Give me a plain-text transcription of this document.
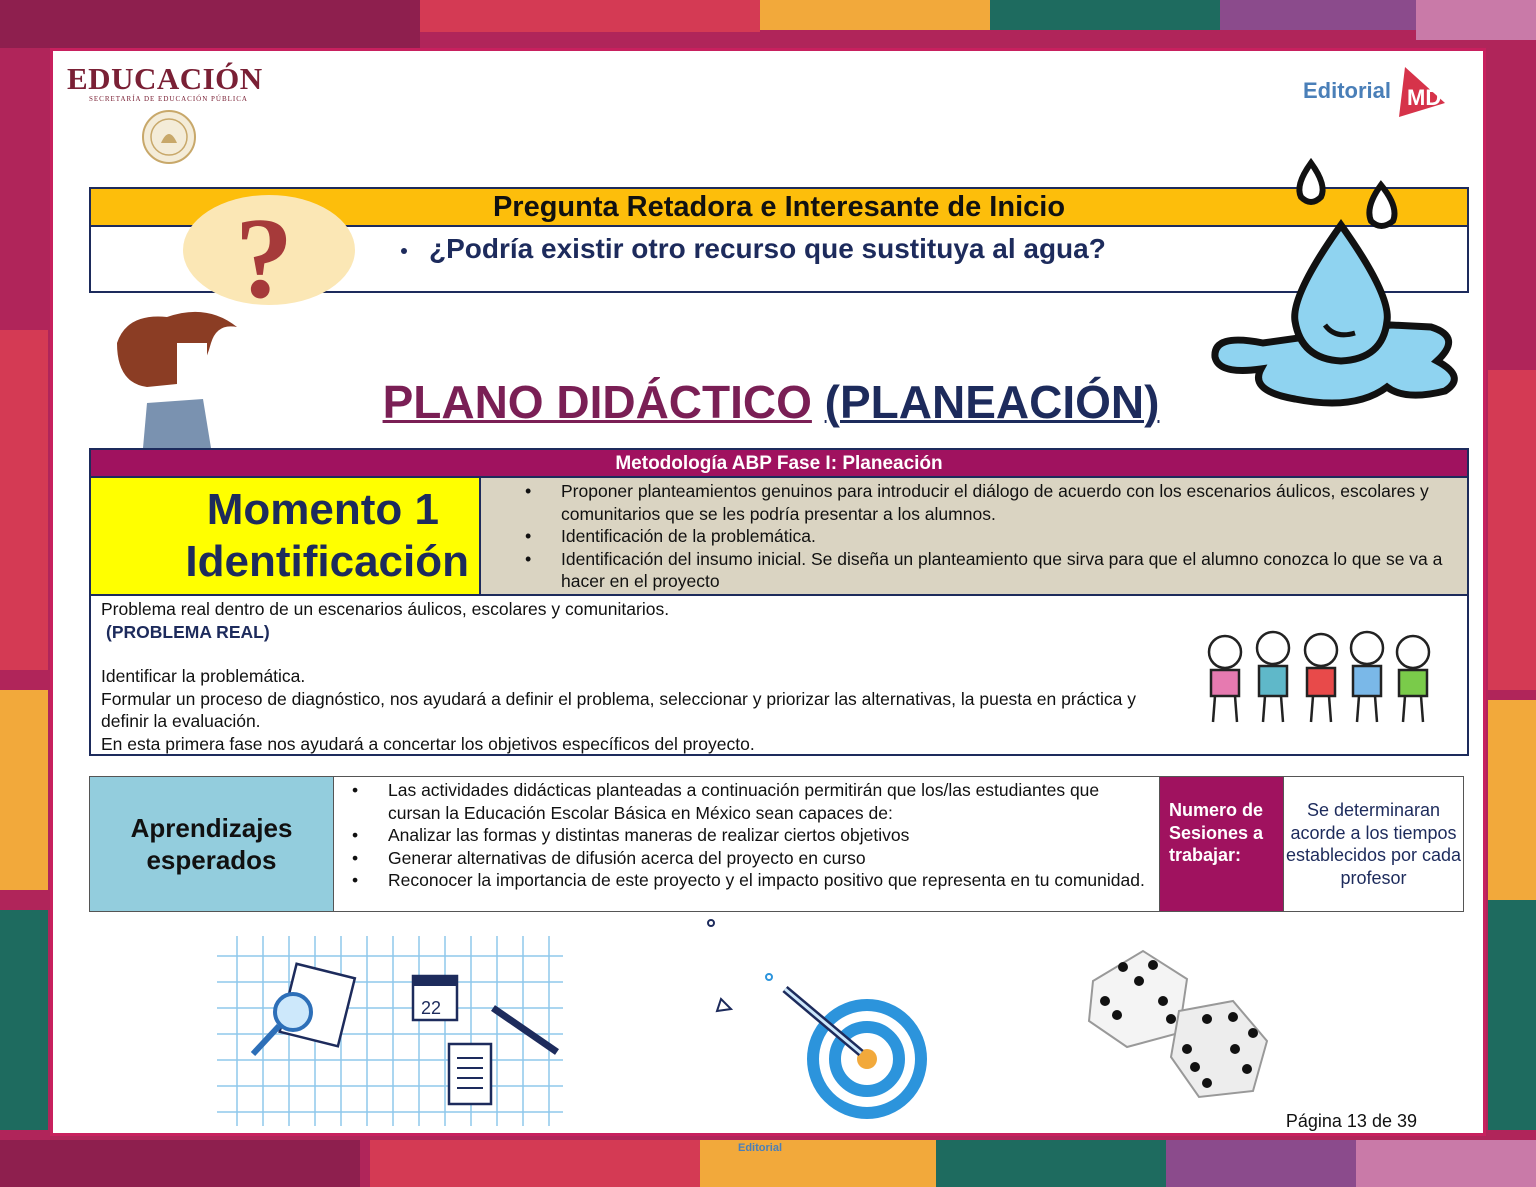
EDUCACIÓN
SECRETARÍA DE EDUCACIÓN PÚBLICA	Editorial MD
Pregunta Retadora e Interesante de Inicio
¿Podría existir otro recurso que sustituya al agua?
?
PLANO DIDÁCTICO (PLANEACIÓN)
Metodología ABP Fase I: Planeación
Momento 1
Identificación
• Proponer planteamientos genuinos para introducir el diálogo de acuerdo con los escenarios áulicos, escolares y comunitarios que se les podría presentar a los alumnos.
• Identificación de la problemática.
• Identificación del insumo inicial. Se diseña un planteamiento que sirva para que el alumno conozca lo que se va a hacer en el proyecto
Problema real dentro de un escenarios áulicos, escolares y comunitarios.
(PROBLEMA REAL)
Identificar la problemática.
Formular un proceso de diagnóstico, nos ayudará a definir el problema, seleccionar y priorizar las alternativas, la puesta en práctica y definir la evaluación.
En esta primera fase nos ayudará a concertar los objetivos específicos del proyecto.
Aprendizajes esperados
• Las actividades didácticas planteadas a continuación permitirán que los/las estudiantes que cursan la Educación Escolar Básica en México sean capaces de:
• Analizar las formas y distintas maneras de realizar ciertos objetivos
• Generar alternativas de difusión acerca del proyecto en curso
• Reconocer la importancia de este proyecto y el impacto positivo que representa en tu comunidad.
Numero de Sesiones a trabajar:
Se determinaran acorde a los tiempos establecidos por cada profesor
22
Página 13 de 39
Editorial
